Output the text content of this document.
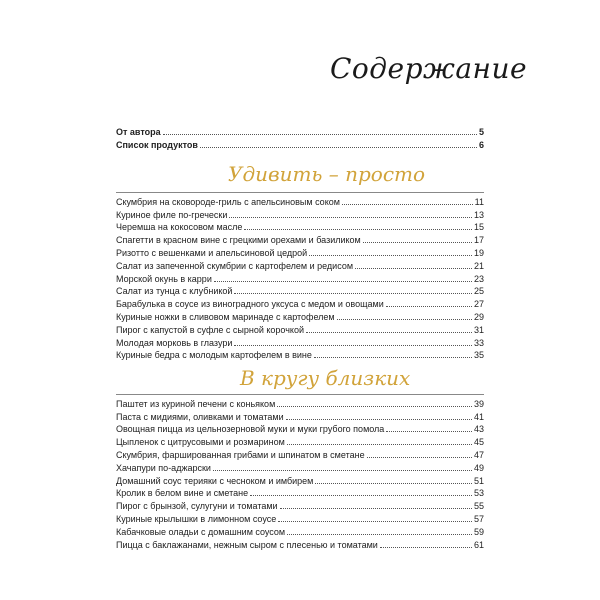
Содержание
От автора	5
Список продуктов	6
Удивить – просто
Скумбрия на сковороде-гриль с апельсиновым соком	11
Куриное филе по-гречески	13
Черемша на кокосовом масле	15
Спагетти в красном вине с грецкими орехами и базиликом	17
Ризотто с вешенками и апельсиновой цедрой	19
Салат из запеченной скумбрии с картофелем и редисом	21
Морской окунь в карри	23
Салат из тунца с клубникой	25
Барабулька в соусе из виноградного уксуса с медом и овощами	27
Куриные ножки в сливовом маринаде с картофелем	29
Пирог с капустой в суфле с сырной корочкой	31
Молодая морковь в глазури	33
Куриные бедра с молодым картофелем в вине	35
В кругу близких
Паштет из куриной печени с коньяком	39
Паста с мидиями, оливками и томатами	41
Овощная пицца из цельнозерновой муки и муки грубого помола	43
Цыпленок с цитрусовыми и розмарином	45
Скумбрия, фаршированная грибами и шпинатом в сметане	47
Хачапури по-аджарски	49
Домашний соус терияки с чесноком и имбирем	51
Кролик в белом вине и сметане	53
Пирог с брынзой, сулугуни и томатами	55
Куриные крылышки в лимонном соусе	57
Кабачковые оладьи с домашним соусом	59
Пицца с баклажанами, нежным сыром с плесенью и томатами	61
